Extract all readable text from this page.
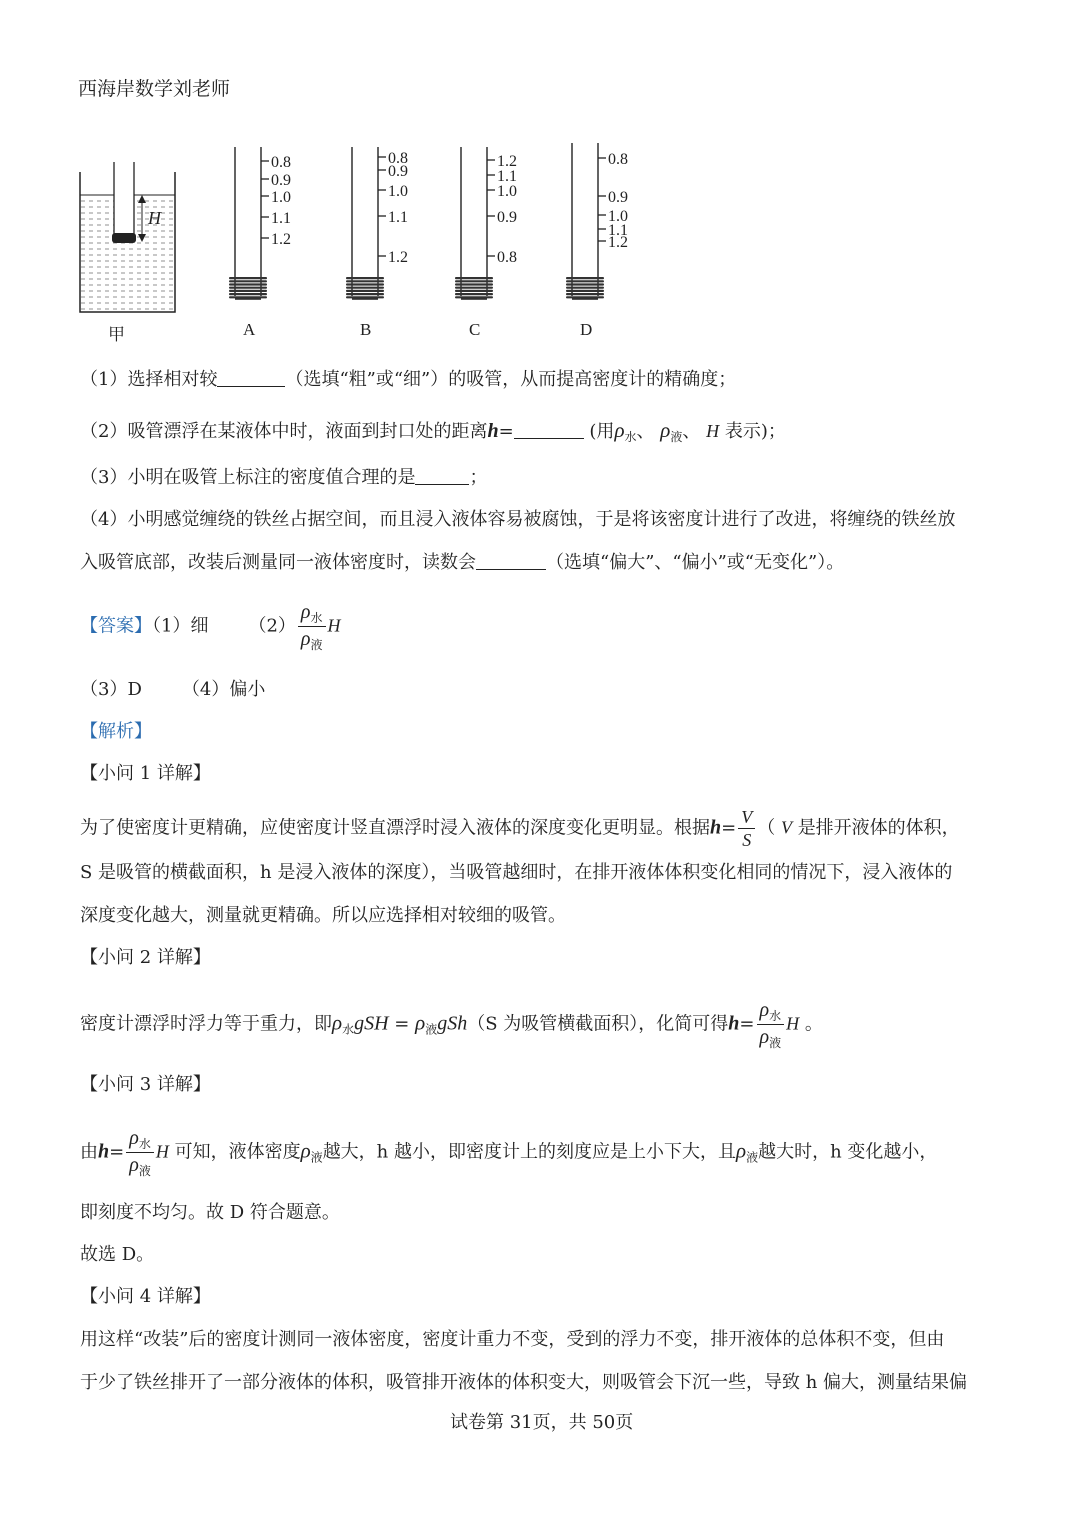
西海岸数学刘老师
H
甲
0.8
0.9
1.0
1.1
1.2
A
0.8
0.9
1.0
1.1
1.2
B
1.2
1.1
1.0
0.9
0.8
C
0.8
0.9
1.0
1.1
1.2
D
（1）选择相对较	（选填“粗”或“细”）的吸管，从而提高密度计的精确度；
（2）吸管漂浮在某液体中时，液面到封口处的距离h=	(用$\rho_水$、 $\rho_液$、 H 表示)；
（3）小明在吸管上标注的密度值合理的是	；
（4）小明感觉缠绕的铁丝占据空间，而且浸入液体容易被腐蚀，于是将该密度计进行了改进，将缠绕的铁丝放
入吸管底部，改装后测量同一液体密度时，读数会	（选填“偏大”、“偏小”或“无变化”）。
【答案】（1）细 $(2) \frac{\rho_水}{\rho_液}$ H
（3）D （4）偏小
【解析】
【小问 1 详解】
为了使密度计更精确，应使密度计竖直漂浮时浸入液体的深度变化更明显。根据$h= \frac{V}{S}$ （ V 是排开液体的体积，
S 是吸管的横截面积，h 是浸入液体的深度），当吸管越细时，在排开液体体积变化相同的情况下，浸入液体的
深度变化越大，测量就更精确。所以应选择相对较细的吸管。
【小问 2 详解】
密度计漂浮时浮力等于重力，即$\rho_水gSH = \rho_液gSh(S$ 为吸管横截面积），化简可得$h= \frac{\rho_水}{\rho_液}$ H 。
【小问 3 详解】
由$h= \frac{\rho_水}{\rho_液}$ H 可知，液体密度$\rho_液$越大，h 越小，即密度计上的刻度应是上小下大，且$\rho_液$越大时，h 变化越小，
即刻度不均匀。故 D 符合题意。
故选 D。
【小问 4 详解】
用这样“改装”后的密度计测同一液体密度，密度计重力不变，受到的浮力不变，排开液体的总体积不变，但由
于少了铁丝排开了一部分液体的体积，吸管排开液体的体积变大，则吸管会下沉一些，导致 h 偏大，测量结果偏
试卷第 31页，共 50页
